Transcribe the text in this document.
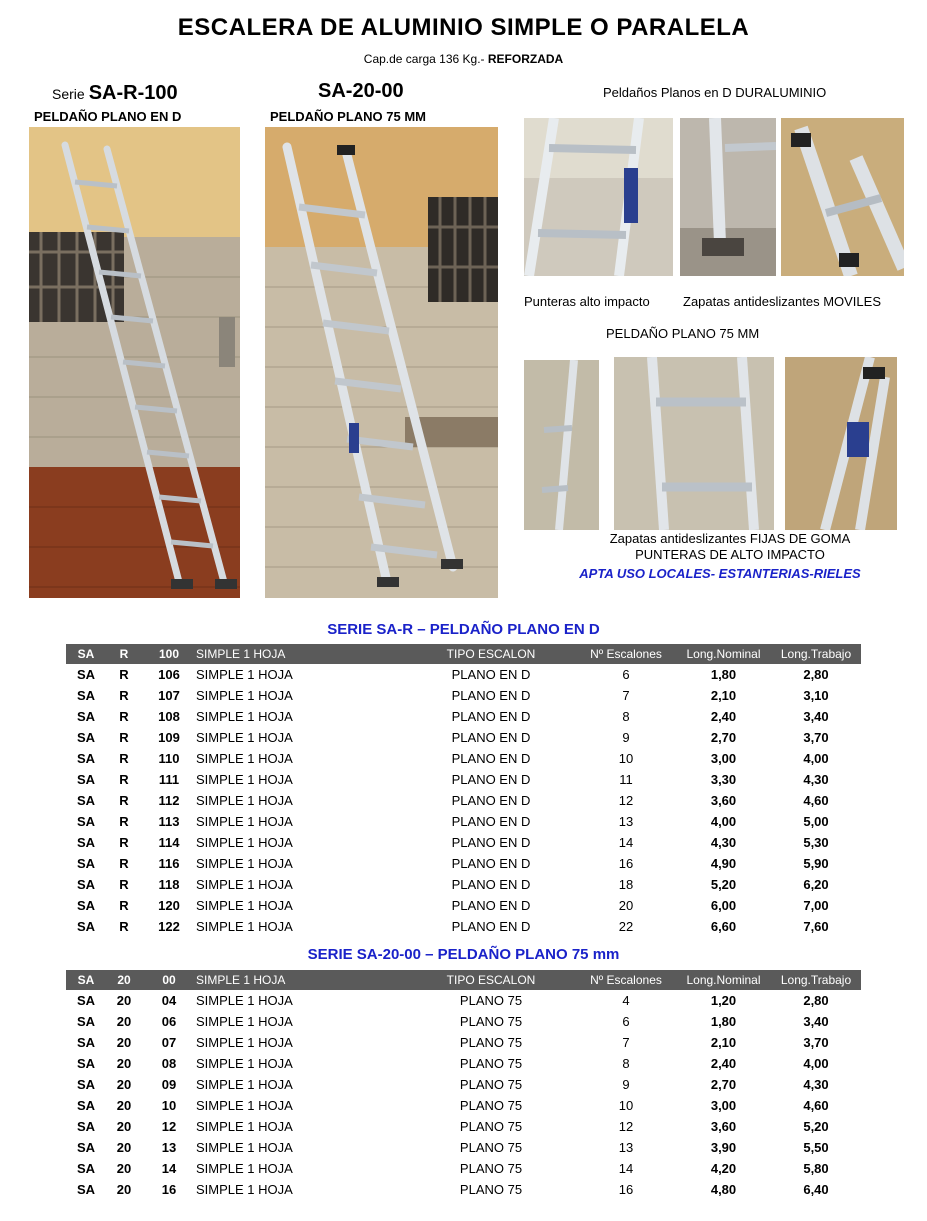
ESCALERA DE ALUMINIO SIMPLE O PARALELA
Cap.de carga 136 Kg.- REFORZADA
Serie SA-R-100	SA-20-00
PELDAÑO PLANO EN D	PELDAÑO PLANO 75 MM
Peldaños Planos en D DURALUMINIO
Punteras alto impacto	Zapatas antideslizantes MOVILES
PELDAÑO PLANO 75 MM
Zapatas antideslizantes FIJAS DE GOMA
PUNTERAS DE ALTO IMPACTO
APTA USO LOCALES- ESTANTERIAS-RIELES
SERIE SA-R – PELDAÑO PLANO EN D
SA	R	100	SIMPLE 1 HOJA	TIPO ESCALON	Nº Escalones	Long.Nominal	Long.Trabajo
SA	R	106	SIMPLE 1 HOJA	PLANO EN D	6	1,80	2,80
SA	R	107	SIMPLE 1 HOJA	PLANO EN D	7	2,10	3,10
SA	R	108	SIMPLE 1 HOJA	PLANO EN D	8	2,40	3,40
SA	R	109	SIMPLE 1 HOJA	PLANO EN D	9	2,70	3,70
SA	R	110	SIMPLE 1 HOJA	PLANO EN D	10	3,00	4,00
SA	R	111	SIMPLE 1 HOJA	PLANO EN D	11	3,30	4,30
SA	R	112	SIMPLE 1 HOJA	PLANO EN D	12	3,60	4,60
SA	R	113	SIMPLE 1 HOJA	PLANO EN D	13	4,00	5,00
SA	R	114	SIMPLE 1 HOJA	PLANO EN D	14	4,30	5,30
SA	R	116	SIMPLE 1 HOJA	PLANO EN D	16	4,90	5,90
SA	R	118	SIMPLE 1 HOJA	PLANO EN D	18	5,20	6,20
SA	R	120	SIMPLE 1 HOJA	PLANO EN D	20	6,00	7,00
SA	R	122	SIMPLE 1 HOJA	PLANO EN D	22	6,60	7,60
SERIE SA-20-00 – PELDAÑO PLANO 75 mm
SA	20	00	SIMPLE 1 HOJA	TIPO ESCALON	Nº Escalones	Long.Nominal	Long.Trabajo
SA	20	04	SIMPLE 1 HOJA	PLANO 75	4	1,20	2,80
SA	20	06	SIMPLE 1 HOJA	PLANO 75	6	1,80	3,40
SA	20	07	SIMPLE 1 HOJA	PLANO 75	7	2,10	3,70
SA	20	08	SIMPLE 1 HOJA	PLANO 75	8	2,40	4,00
SA	20	09	SIMPLE 1 HOJA	PLANO 75	9	2,70	4,30
SA	20	10	SIMPLE 1 HOJA	PLANO 75	10	3,00	4,60
SA	20	12	SIMPLE 1 HOJA	PLANO 75	12	3,60	5,20
SA	20	13	SIMPLE 1 HOJA	PLANO 75	13	3,90	5,50
SA	20	14	SIMPLE 1 HOJA	PLANO 75	14	4,20	5,80
SA	20	16	SIMPLE 1 HOJA	PLANO 75	16	4,80	6,40
